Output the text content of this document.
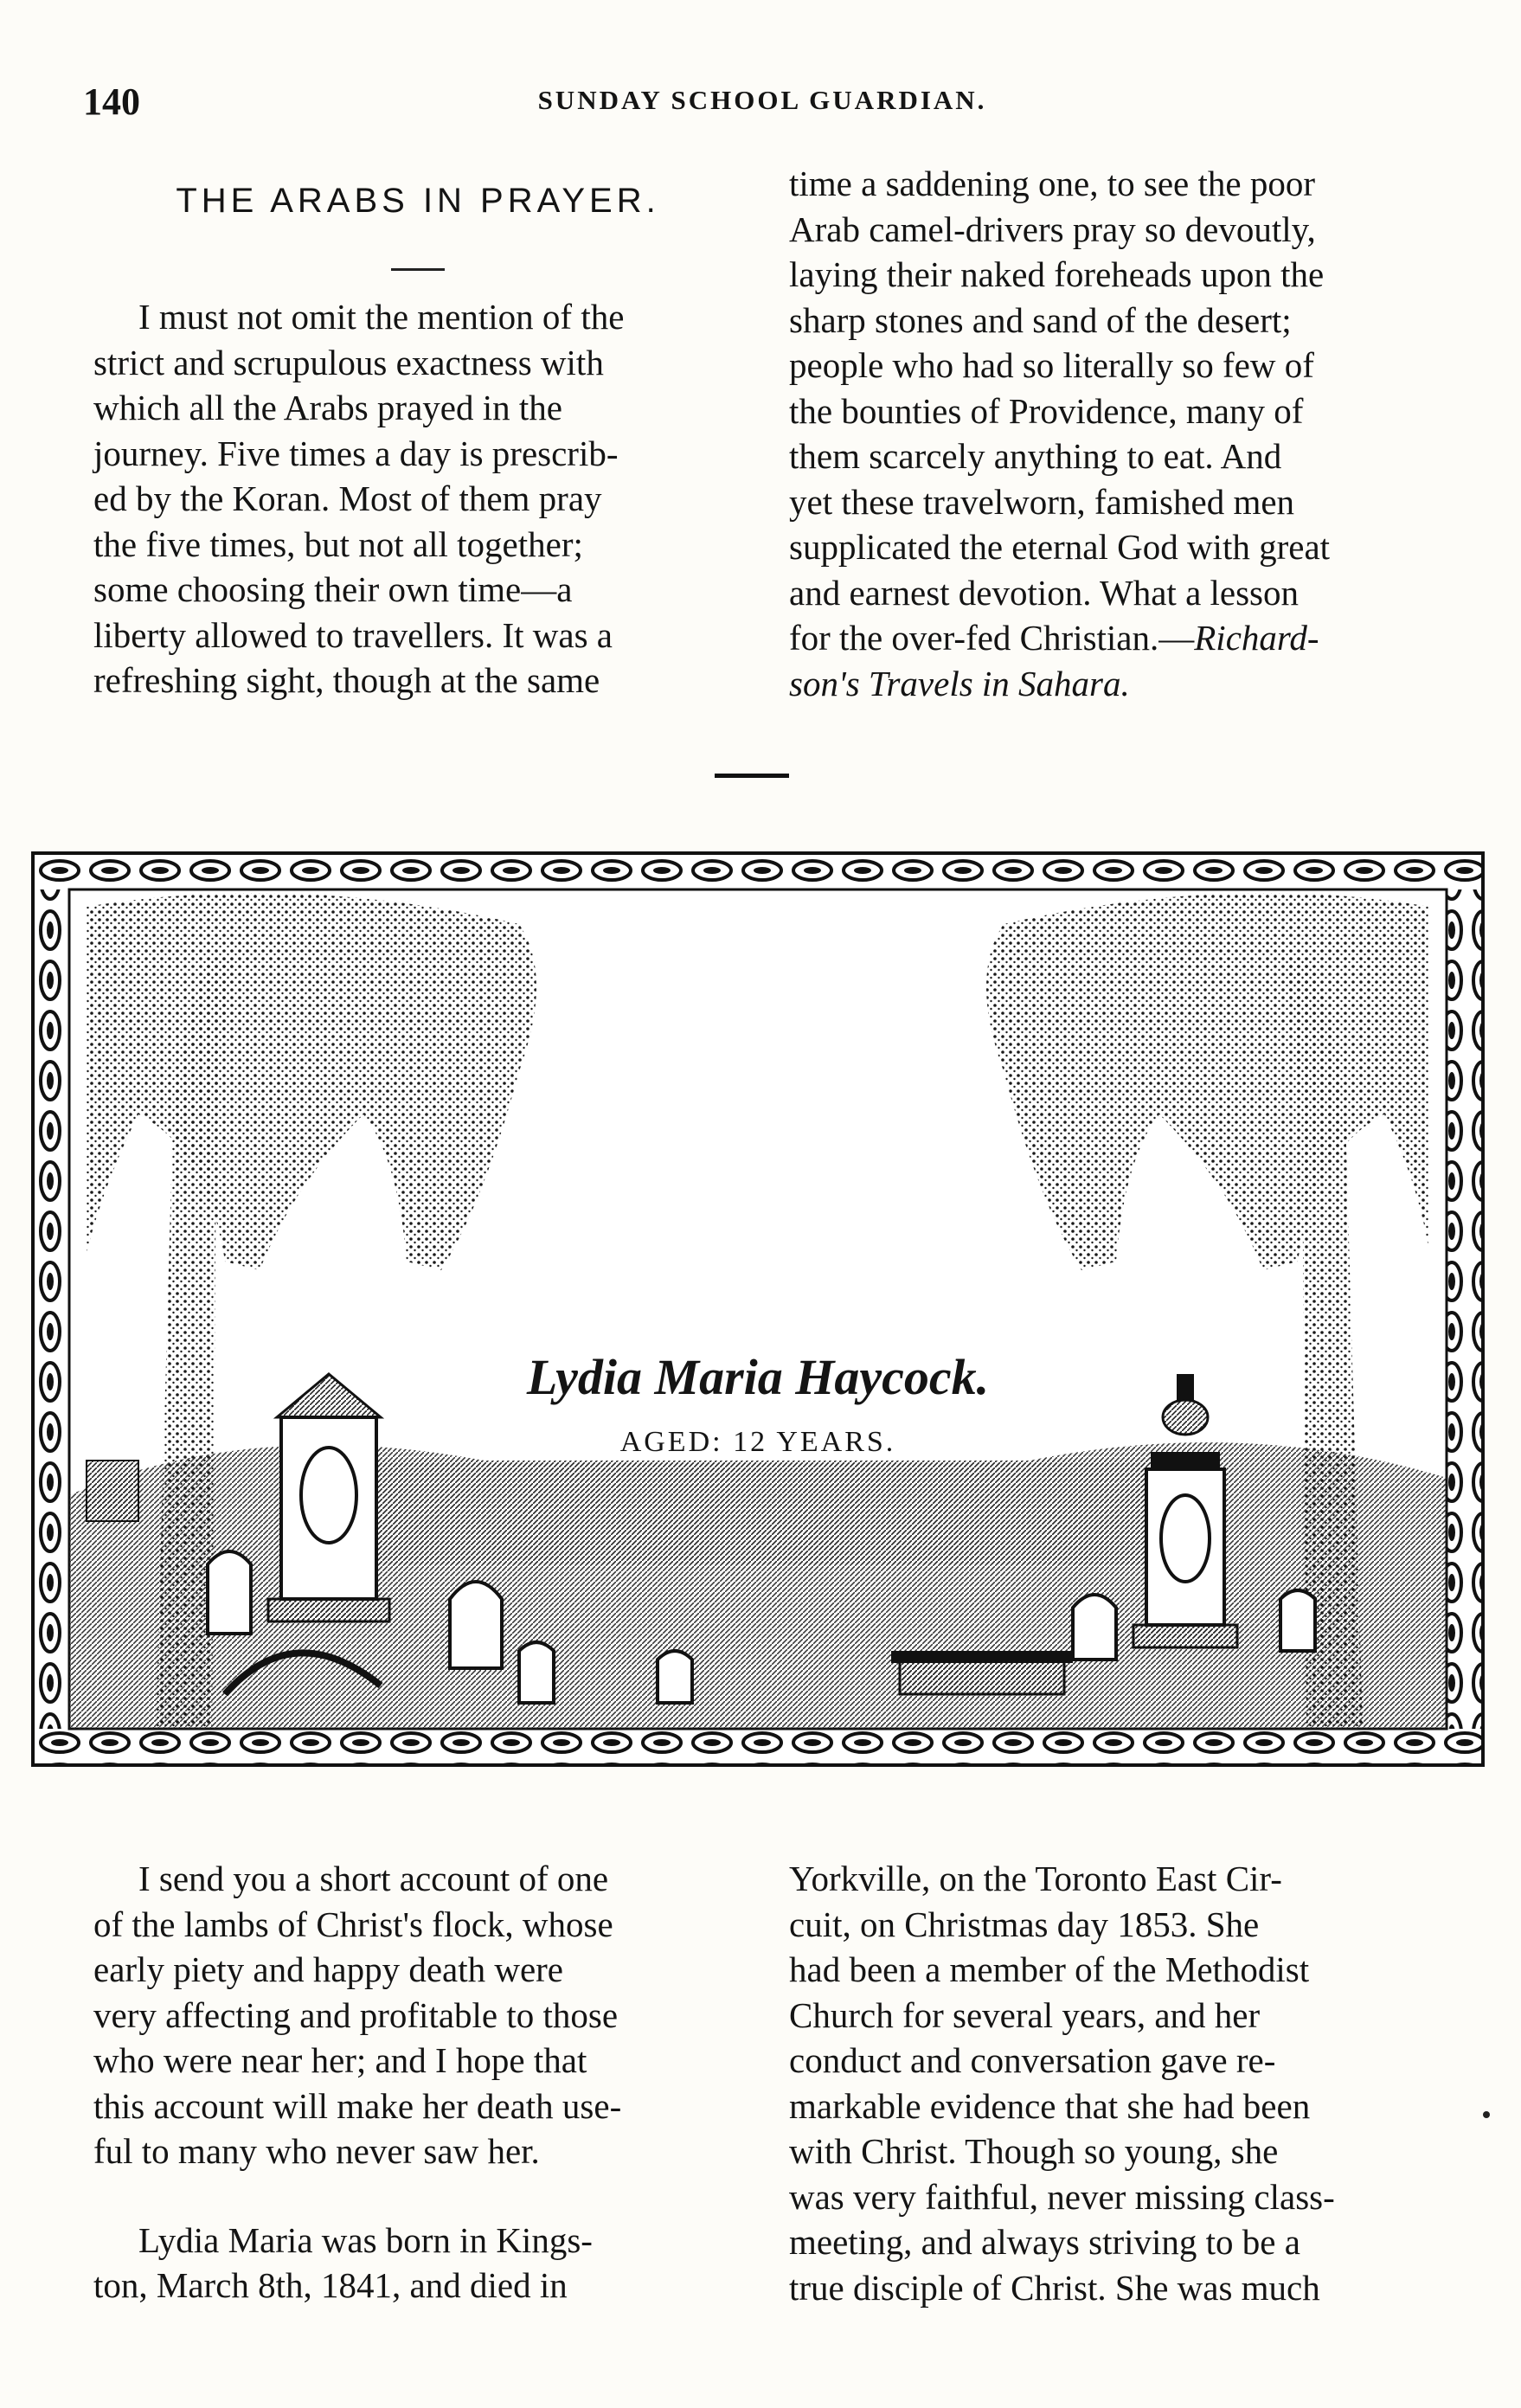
140	SUNDAY SCHOOL GUARDIAN.
THE ARABS IN PRAYER.

I must not omit the mention of the

strict and scrupulous exactness with

which all the Arabs prayed in the

journey. Five times a day is prescrib-

ed by the Koran. Most of them pray

the five times, but not all together;

some choosing their own time—a

liberty allowed to travellers. It was a

refreshing sight, though at the same

time a saddening one, to see the poor

Arab camel-drivers pray so devoutly,

laying their naked foreheads upon the

sharp stones and sand of the desert;

people who had so literally so few of

the bounties of Providence, many of

them scarcely anything to eat. And

yet these travelworn, famished men

supplicated the eternal God with great

and earnest devotion. What a lesson

for the over-fed Christian.—Richard-

son's Travels in Sahara.

Lydia Maria Haycock.
AGED: 12 YEARS.

I send you a short account of one

of the lambs of Christ's flock, whose

early piety and happy death were

very affecting and profitable to those

who were near her; and I hope that

this account will make her death use-

ful to many who never saw her.

Lydia Maria was born in Kings-

ton, March 8th, 1841, and died in

Yorkville, on the Toronto East Cir-

cuit, on Christmas day 1853. She

had been a member of the Methodist

Church for several years, and her

conduct and conversation gave re-

markable evidence that she had been

with Christ. Though so young, she

was very faithful, never missing class-

meeting, and always striving to be a

true disciple of Christ. She was much
